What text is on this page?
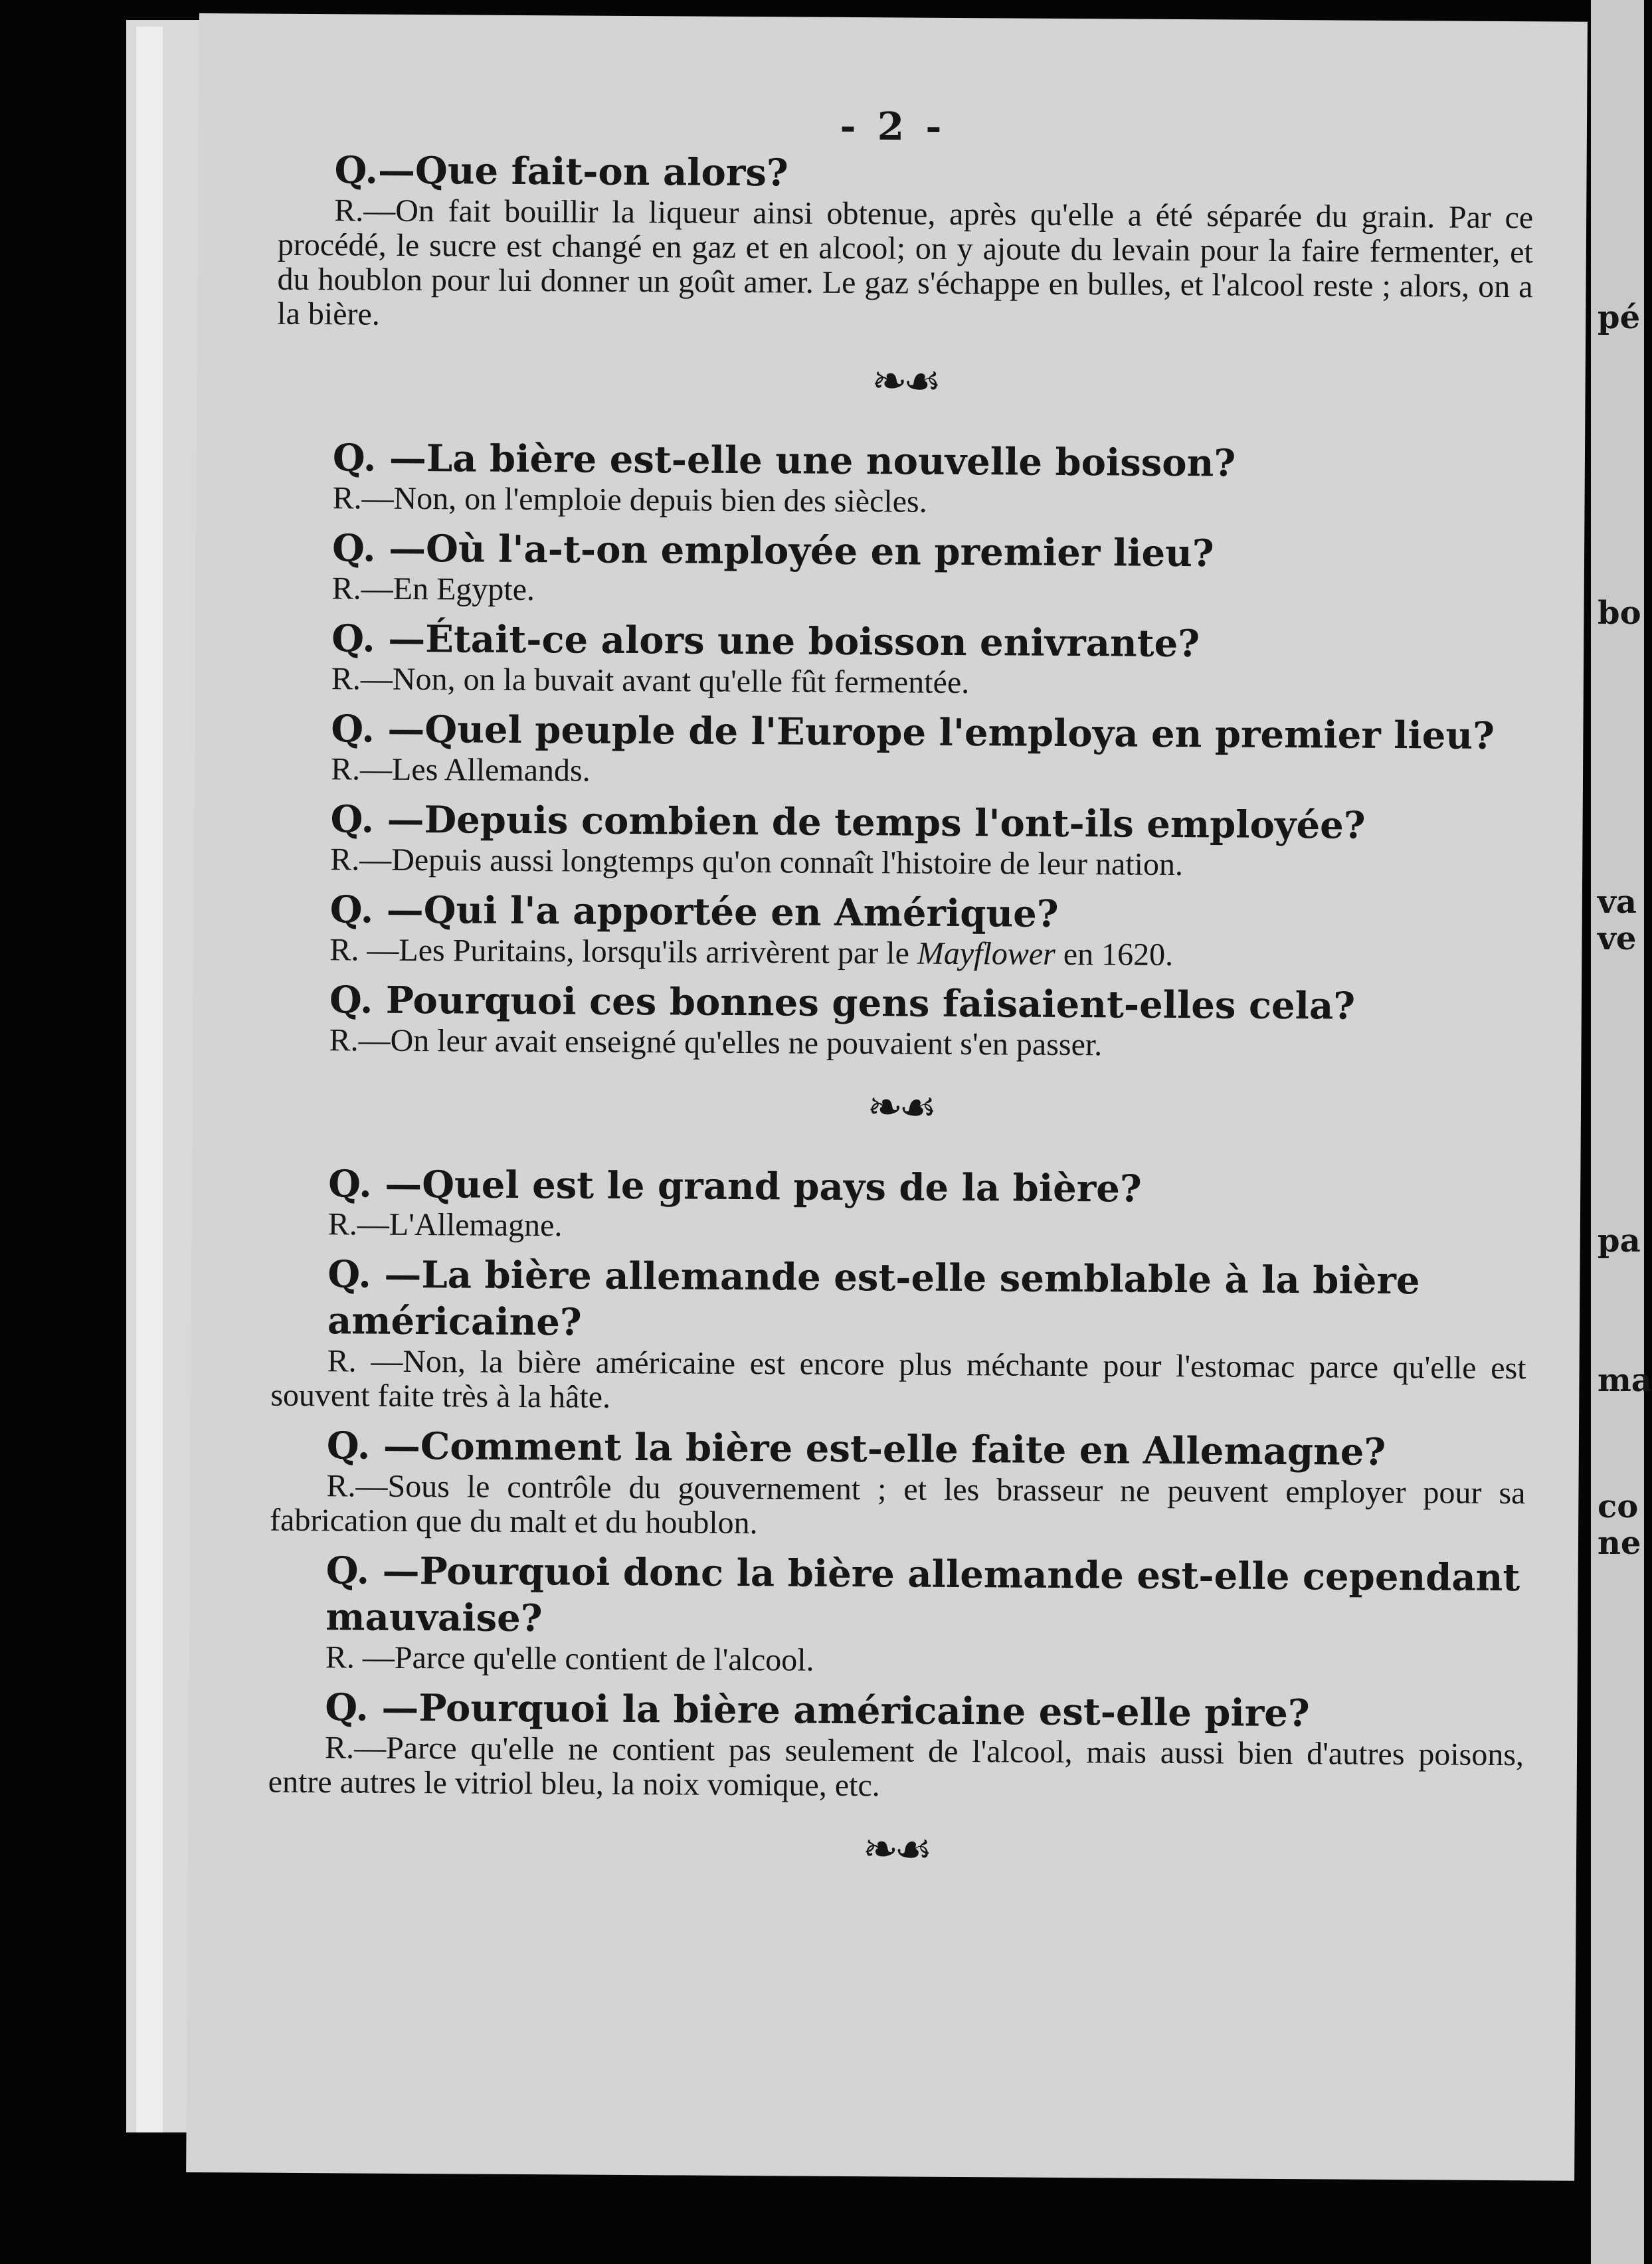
pé
bo
va
ve
pa
ma
co
ne
- 2 -

Q.—Que fait-on alors?

R.—On fait bouillir la liqueur ainsi obtenue, après qu'elle a été séparée du grain. Par ce procédé, le sucre est changé en gaz et en alcool; on y ajoute du levain pour la faire fermenter, et du houblon pour lui donner un goût amer. Le gaz s'échappe en bulles, et l'alcool reste ; alors, on a la bière.

❧☙

Q. —La bière est-elle une nouvelle boisson?

R.—Non, on l'emploie depuis bien des siècles.

Q. —Où l'a-t-on employée en premier lieu?

R.—En Egypte.

Q. —Était-ce alors une boisson enivrante?

R.—Non, on la buvait avant qu'elle fût fermentée.

Q. —Quel peuple de l'Europe l'employa en premier lieu?

R.—Les Allemands.

Q. —Depuis combien de temps l'ont-ils employée?

R.—Depuis aussi longtemps qu'on connaît l'histoire de leur nation.

Q. —Qui l'a apportée en Amérique?

R. —Les Puritains, lorsqu'ils arrivèrent par le Mayflower en 1620.

Q. Pourquoi ces bonnes gens faisaient-elles cela?

R.—On leur avait enseigné qu'elles ne pouvaient s'en passer.

❧☙

Q. —Quel est le grand pays de la bière?

R.—L'Allemagne.

Q. —La bière allemande est-elle semblable à la bière américaine?

R. —Non, la bière américaine est encore plus méchante pour l'estomac parce qu'elle est souvent faite très à la hâte.

Q. —Comment la bière est-elle faite en Allemagne?

R.—Sous le contrôle du gouvernement ; et les brasseur ne peuvent employer pour sa fabrication que du malt et du houblon.

Q. —Pourquoi donc la bière allemande est-elle cependant mauvaise?

R. —Parce qu'elle contient de l'alcool.

Q. —Pourquoi la bière américaine est-elle pire?

R.—Parce qu'elle ne contient pas seulement de l'alcool, mais aussi bien d'autres poisons, entre autres le vitriol bleu, la noix vomique, etc.

❧☙
